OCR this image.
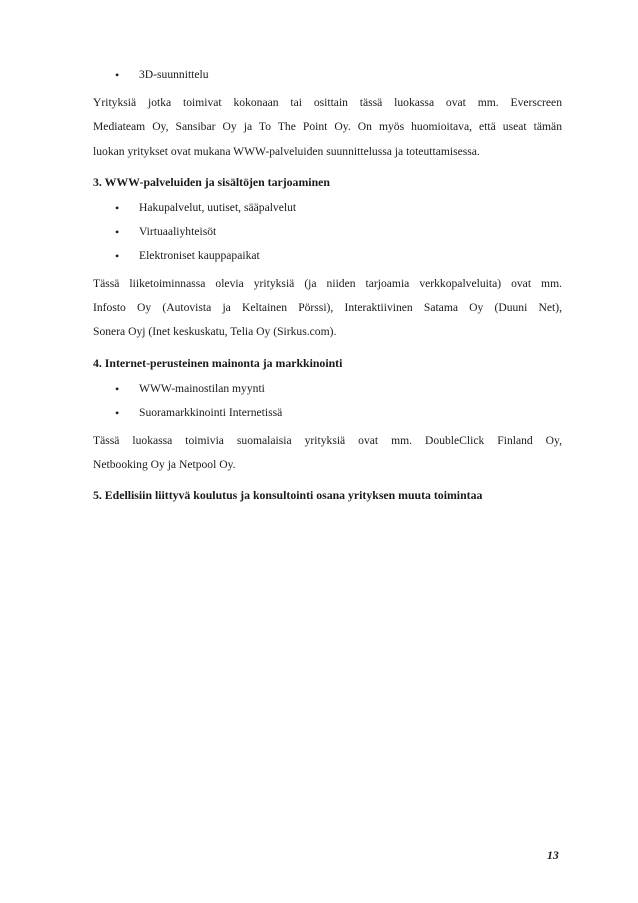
• 3D-suunnittelu

Yrityksiä jotka toimivat kokonaan tai osittain tässä luokassa ovat mm. Everscreen
Mediateam Oy, Sansibar Oy ja To The Point Oy. On myös huomioitava, että useat tämän
luokan yritykset ovat mukana WWW-palveluiden suunnittelussa ja toteuttamisessa.

3. WWW-palveluiden ja sisältöjen tarjoaminen
• Hakupalvelut, uutiset, sääpalvelut
• Virtuaaliyhteisöt
• Elektroniset kauppapaikat

Tässä liiketoiminnassa olevia yrityksiä (ja niiden tarjoamia verkkopalveluita) ovat mm.
Infosto Oy (Autovista ja Keltainen Pörssi), Interaktiivinen Satama Oy (Duuni Net),
Sonera Oyj (Inet keskuskatu, Telia Oy (Sirkus.com).

4. Internet-perusteinen mainonta ja markkinointi
• WWW-mainostilan myynti
• Suoramarkkinointi Internetissä

Tässä luokassa toimivia suomalaisia yrityksiä ovat mm. DoubleClick Finland Oy,
Netbooking Oy ja Netpool Oy.

5. Edellisiin liittyvä koulutus ja konsultointi osana yrityksen muuta toimintaa
13
